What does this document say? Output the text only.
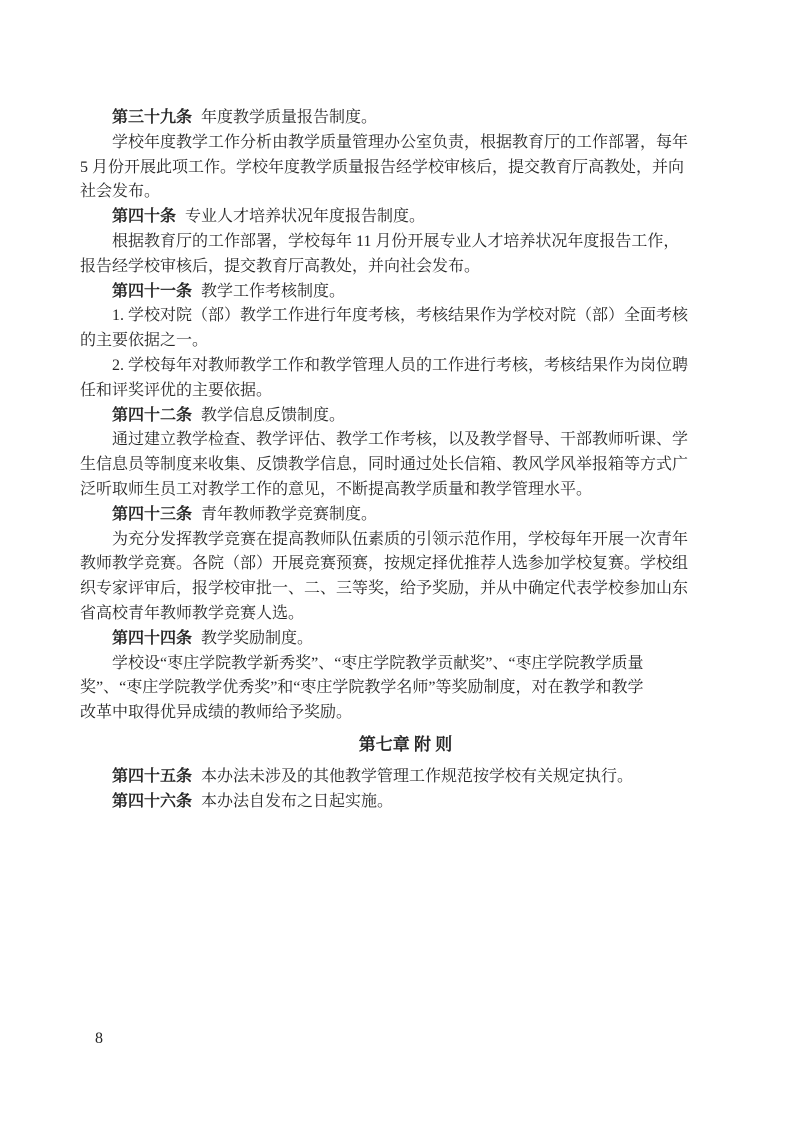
第三十九条 年度教学质量报告制度。
学校年度教学工作分析由教学质量管理办公室负责，根据教育厅的工作部署，每年
5 月份开展此项工作。学校年度教学质量报告经学校审核后，提交教育厅高教处，并向
社会发布。
第四十条 专业人才培养状况年度报告制度。
根据教育厅的工作部署，学校每年 11 月份开展专业人才培养状况年度报告工作，
报告经学校审核后，提交教育厅高教处，并向社会发布。
第四十一条 教学工作考核制度。
1. 学校对院（部）教学工作进行年度考核，考核结果作为学校对院（部）全面考核
的主要依据之一。
2. 学校每年对教师教学工作和教学管理人员的工作进行考核，考核结果作为岗位聘
任和评奖评优的主要依据。
第四十二条 教学信息反馈制度。
通过建立教学检查、教学评估、教学工作考核，以及教学督导、干部教师听课、学
生信息员等制度来收集、反馈教学信息，同时通过处长信箱、教风学风举报箱等方式广
泛听取师生员工对教学工作的意见，不断提高教学质量和教学管理水平。
第四十三条 青年教师教学竞赛制度。
为充分发挥教学竞赛在提高教师队伍素质的引领示范作用，学校每年开展一次青年
教师教学竞赛。各院（部）开展竞赛预赛，按规定择优推荐人选参加学校复赛。学校组
织专家评审后，报学校审批一、二、三等奖，给予奖励，并从中确定代表学校参加山东
省高校青年教师教学竞赛人选。
第四十四条 教学奖励制度。
学校设“枣庄学院教学新秀奖”、“枣庄学院教学贡献奖”、“枣庄学院教学质量
奖”、“枣庄学院教学优秀奖”和“枣庄学院教学名师”等奖励制度，对在教学和教学
改革中取得优异成绩的教师给予奖励。
第七章 附 则
第四十五条 本办法未涉及的其他教学管理工作规范按学校有关规定执行。
第四十六条 本办法自发布之日起实施。
8
